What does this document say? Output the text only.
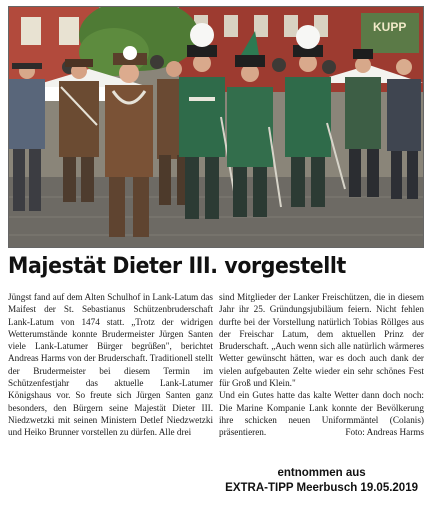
KUPP
Majestät Dieter III. vorgestellt

Jüngst fand auf dem Alten Schulhof in Lank-Latum das Maifest der St. Sebastianus Schützenbruderschaft Lank-Latum von 1474 statt. „Trotz der widrigen Wetterumstände konnte Brudermeister Jürgen Santen viele Lank-Latumer Bürger begrüßen", berichtet Andreas Harms von der Bruderschaft. Traditionell stellt der Brudermeister bei diesem Termin im Schützenfestjahr das aktuelle Lank-Latumer Königshaus vor. So freute sich Jürgen Santen ganz besonders, den Bürgern seine Majestät Dieter III. Niedzwetzki mit seinen Ministern Detlef Niedzwetzki und Heiko Brunner vorstellen zu dürfen. Alle drei

sind Mitglieder der Lanker Freischützen, die in diesem Jahr ihr 25. Gründungsjubiläum feiern. Nicht fehlen durfte bei der Vorstellung natürlich Tobias Röllges aus der Freischar Latum, dem aktuellen Prinz der Bruderschaft. „Auch wenn sich alle natürlich wärmeres Wetter gewünscht hätten, war es doch auch dank der vielen aufgebauten Zelte wieder ein sehr schönes Fest für Groß und Klein."

Und ein Gutes hatte das kalte Wetter dann doch noch: Die Marine Kompanie Lank konnte der Bevölkerung ihre schicken neuen Uniformmäntel (Colanis) präsentieren.	Foto: Andreas Harms

entnommen aus
EXTRA-TIPP Meerbusch 19.05.2019
